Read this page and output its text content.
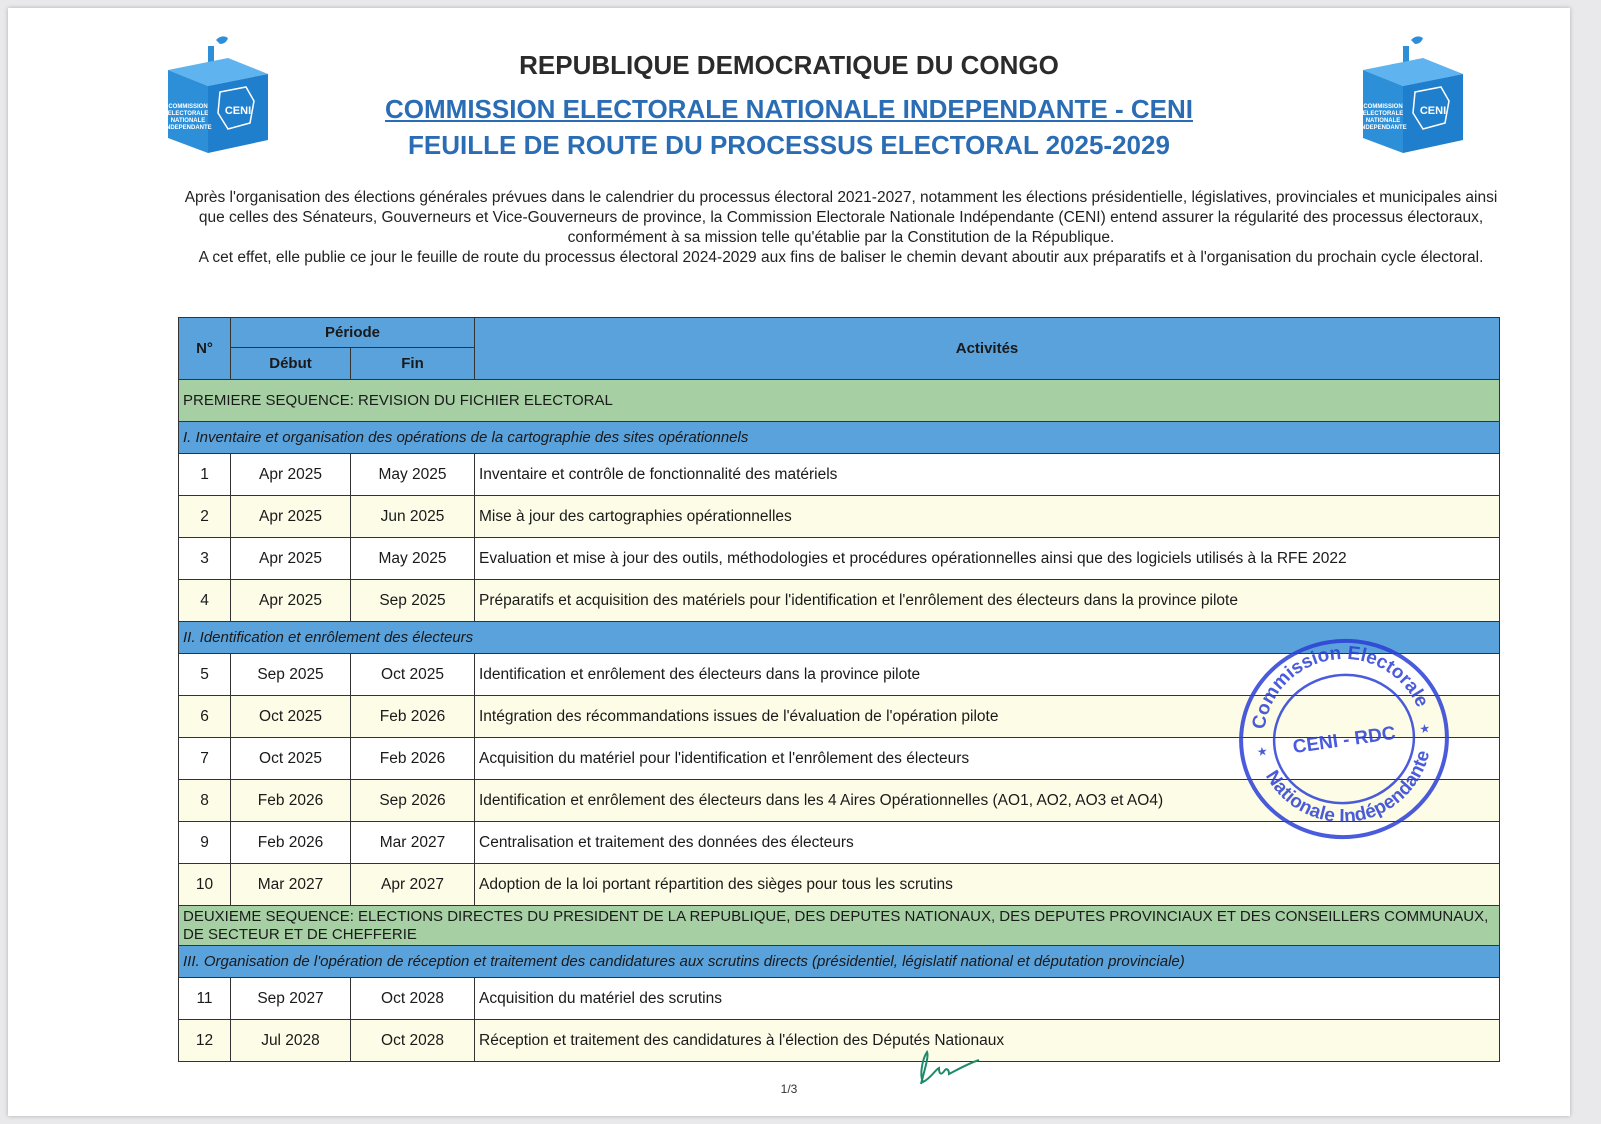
COMMISSION
ELECTORALE
NATIONALE
INDEPENDANTE
CENI	COMMISSION
ELECTORALE
NATIONALE
INDEPENDANTE
CENI
REPUBLIQUE DEMOCRATIQUE DU CONGO
COMMISSION ELECTORALE NATIONALE INDEPENDANTE - CENI
FEUILLE DE ROUTE DU PROCESSUS ELECTORAL 2025-2029

Après l'organisation des élections générales prévues dans le calendrier du processus électoral 2021-2027, notamment les élections présidentielle, législatives, provinciales et municipales ainsi que celles des Sénateurs, Gouverneurs et Vice-Gouverneurs de province, la Commission Electorale Nationale Indépendante (CENI) entend assurer la régularité des processus électoraux, conformément à sa mission telle qu'établie par la Constitution de la République.

A cet effet, elle publie ce jour le feuille de route du processus électoral 2024-2029 aux fins de baliser le chemin devant aboutir aux préparatifs et à l'organisation du prochain cycle électoral.

N°	Période		Activités
	Début	Fin	
PREMIERE SEQUENCE: REVISION DU FICHIER ELECTORAL			
I. Inventaire et organisation des opérations de la cartographie des sites opérationnels			
1	Apr 2025	May 2025	Inventaire et contrôle de fonctionnalité des matériels
2	Apr 2025	Jun 2025	Mise à jour des cartographies opérationnelles
3	Apr 2025	May 2025	Evaluation et mise à jour des outils, méthodologies et procédures opérationnelles ainsi que des logiciels utilisés à la RFE 2022
4	Apr 2025	Sep 2025	Préparatifs et acquisition des matériels pour l'identification et l'enrôlement des électeurs dans la province pilote
II. Identification et enrôlement des électeurs			
5	Sep 2025	Oct 2025	Identification et enrôlement des électeurs dans la province pilote
6	Oct 2025	Feb 2026	Intégration des récommandations issues de l'évaluation de l'opération pilote
7	Oct 2025	Feb 2026	Acquisition du matériel pour l'identification et l'enrôlement des électeurs
8	Feb 2026	Sep 2026	Identification et enrôlement des électeurs dans les 4 Aires Opérationnelles (AO1, AO2, AO3 et AO4)
9	Feb 2026	Mar 2027	Centralisation et traitement des données des électeurs
10	Mar 2027	Apr 2027	Adoption de la loi portant répartition des sièges pour tous les scrutins
DEUXIEME SEQUENCE: ELECTIONS DIRECTES DU PRESIDENT DE LA REPUBLIQUE, DES DEPUTES NATIONAUX, DES DEPUTES PROVINCIAUX ET DES CONSEILLERS COMMUNAUX, DE SECTEUR ET DE CHEFFERIE			
III. Organisation de l'opération de réception et traitement des candidatures aux scrutins directs (présidentiel, législatif national et députation provinciale)			
11	Sep 2027	Oct 2028	Acquisition du matériel des scrutins
12	Jul 2028	Oct 2028	Réception et traitement des candidatures à l'élection des Députés Nationaux
Commission Electorale
Nationale Indépendante
CENI - RDC
★
★
1/3
